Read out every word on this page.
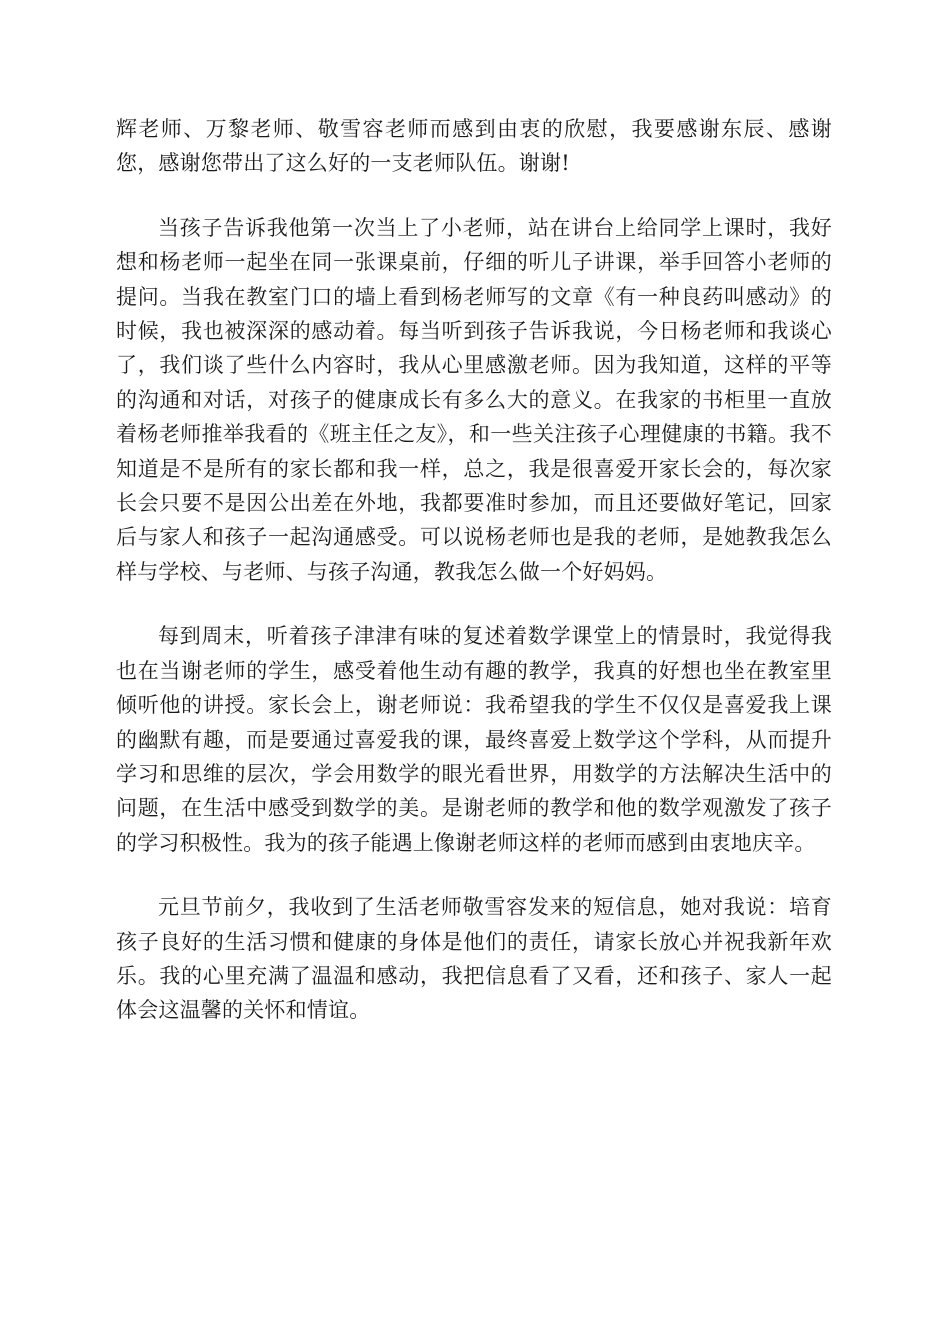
辉老师、万黎老师、敬雪容老师而感到由衷的欣慰，我要感谢东辰、感谢您，感谢您带出了这么好的一支老师队伍。谢谢!

当孩子告诉我他第一次当上了小老师，站在讲台上给同学上课时，我好想和杨老师一起坐在同一张课桌前，仔细的听儿子讲课，举手回答小老师的提问。当我在教室门口的墙上看到杨老师写的文章《有一种良药叫感动》的时候，我也被深深的感动着。每当听到孩子告诉我说，今日杨老师和我谈心了，我们谈了些什么内容时，我从心里感激老师。因为我知道，这样的平等的沟通和对话，对孩子的健康成长有多么大的意义。在我家的书柜里一直放着杨老师推举我看的《班主任之友》，和一些关注孩子心理健康的书籍。我不知道是不是所有的家长都和我一样，总之，我是很喜爱开家长会的，每次家长会只要不是因公出差在外地，我都要准时参加，而且还要做好笔记，回家后与家人和孩子一起沟通感受。可以说杨老师也是我的老师，是她教我怎么样与学校、与老师、与孩子沟通，教我怎么做一个好妈妈。

每到周末，听着孩子津津有味的复述着数学课堂上的情景时，我觉得我也在当谢老师的学生，感受着他生动有趣的教学，我真的好想也坐在教室里倾听他的讲授。家长会上，谢老师说：我希望我的学生不仅仅是喜爱我上课的幽默有趣，而是要通过喜爱我的课，最终喜爱上数学这个学科，从而提升学习和思维的层次，学会用数学的眼光看世界，用数学的方法解决生活中的问题，在生活中感受到数学的美。是谢老师的教学和他的数学观激发了孩子的学习积极性。我为的孩子能遇上像谢老师这样的老师而感到由衷地庆辛。

元旦节前夕，我收到了生活老师敬雪容发来的短信息，她对我说：培育孩子良好的生活习惯和健康的身体是他们的责任，请家长放心并祝我新年欢乐。我的心里充满了温温和感动，我把信息看了又看，还和孩子、家人一起体会这温馨的关怀和情谊。
